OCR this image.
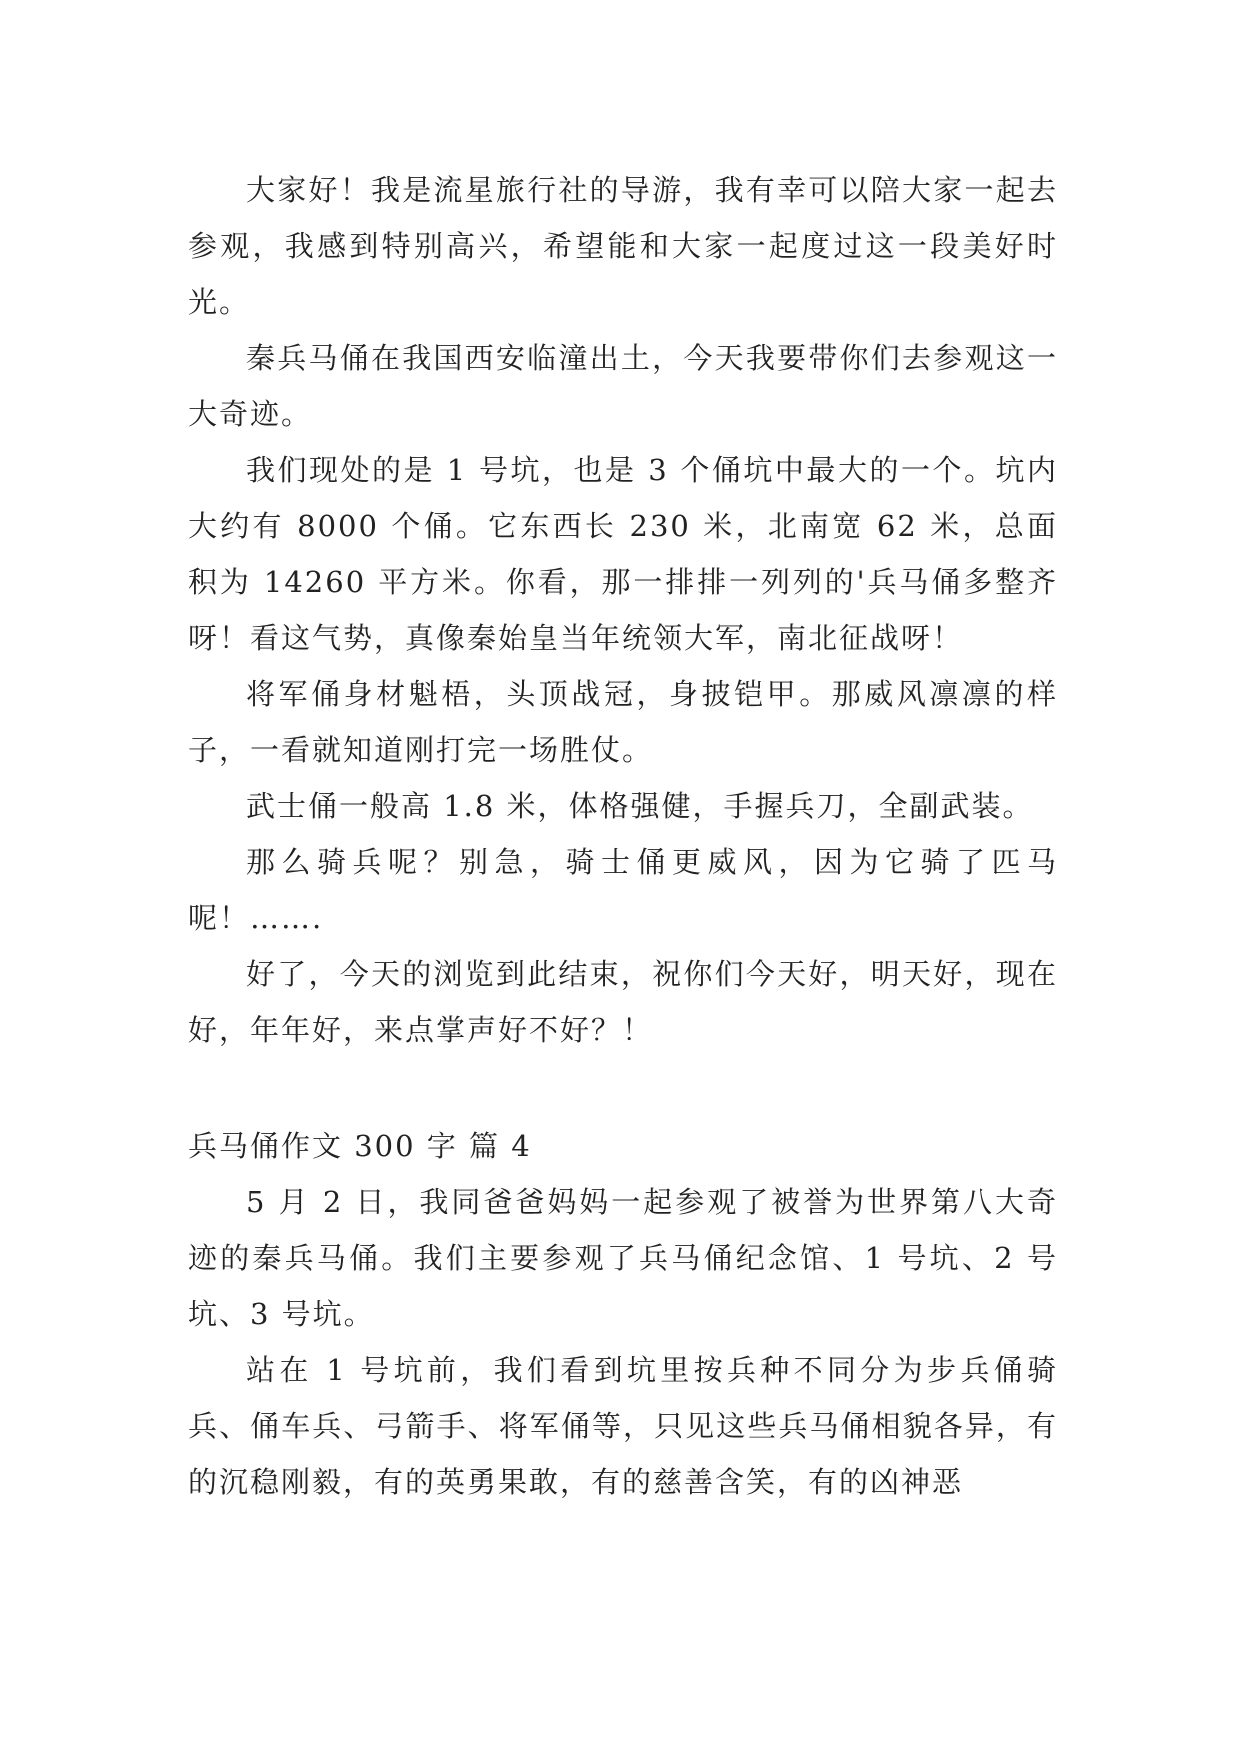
大家好！我是流星旅行社的导游，我有幸可以陪大家一起去参观，我感到特别高兴，希望能和大家一起度过这一段美好时光。

秦兵马俑在我国西安临潼出土，今天我要带你们去参观这一大奇迹。

我们现处的是 1 号坑，也是 3 个俑坑中最大的一个。坑内大约有 8000 个俑。它东西长 230 米，北南宽 62 米，总面积为 14260 平方米。你看，那一排排一列列的'兵马俑多整齐呀！看这气势，真像秦始皇当年统领大军，南北征战呀！

将军俑身材魁梧，头顶战冠，身披铠甲。那威风凛凛的样子，一看就知道刚打完一场胜仗。

武士俑一般高 1.8 米，体格强健，手握兵刀，全副武装。

那么骑兵呢？别急，骑士俑更威风，因为它骑了匹马呢！…….

好了，今天的浏览到此结束，祝你们今天好，明天好，现在好，年年好，来点掌声好不好？！

兵马俑作文 300 字 篇 4

5 月 2 日，我同爸爸妈妈一起参观了被誉为世界第八大奇迹的秦兵马俑。我们主要参观了兵马俑纪念馆、1 号坑、2 号坑、3 号坑。

站在 1 号坑前，我们看到坑里按兵种不同分为步兵俑骑兵、俑车兵、弓箭手、将军俑等，只见这些兵马俑相貌各异，有的沉稳刚毅，有的英勇果敢，有的慈善含笑，有的凶神恶
